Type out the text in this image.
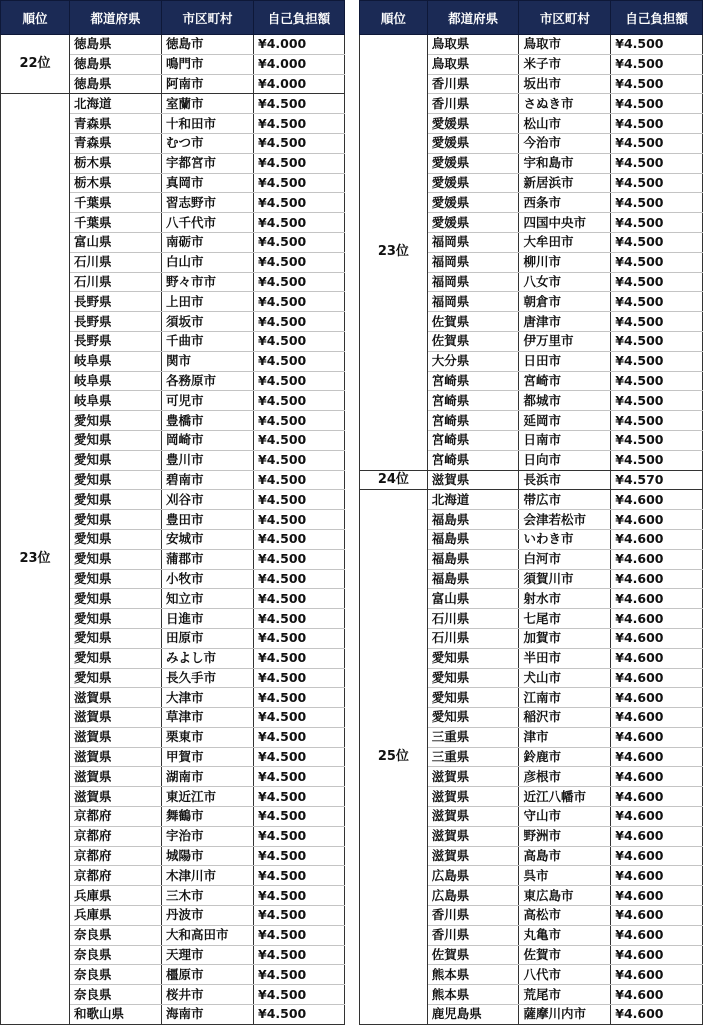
順位	都道府県	市区町村	自己負担額
22位	徳島県	徳島市	¥4.000
	徳島県	鳴門市	¥4.000
	徳島県	阿南市	¥4.000
23位	北海道	室蘭市	¥4.500
	青森県	十和田市	¥4.500
	青森県	むつ市	¥4.500
	栃木県	宇都宮市	¥4.500
	栃木県	真岡市	¥4.500
	千葉県	習志野市	¥4.500
	千葉県	八千代市	¥4.500
	富山県	南砺市	¥4.500
	石川県	白山市	¥4.500
	石川県	野々市市	¥4.500
	長野県	上田市	¥4.500
	長野県	須坂市	¥4.500
	長野県	千曲市	¥4.500
	岐阜県	関市	¥4.500
	岐阜県	各務原市	¥4.500
	岐阜県	可児市	¥4.500
	愛知県	豊橋市	¥4.500
	愛知県	岡崎市	¥4.500
	愛知県	豊川市	¥4.500
	愛知県	碧南市	¥4.500
	愛知県	刈谷市	¥4.500
	愛知県	豊田市	¥4.500
	愛知県	安城市	¥4.500
	愛知県	蒲郡市	¥4.500
	愛知県	小牧市	¥4.500
	愛知県	知立市	¥4.500
	愛知県	日進市	¥4.500
	愛知県	田原市	¥4.500
	愛知県	みよし市	¥4.500
	愛知県	長久手市	¥4.500
	滋賀県	大津市	¥4.500
	滋賀県	草津市	¥4.500
	滋賀県	栗東市	¥4.500
	滋賀県	甲賀市	¥4.500
	滋賀県	湖南市	¥4.500
	滋賀県	東近江市	¥4.500
	京都府	舞鶴市	¥4.500
	京都府	宇治市	¥4.500
	京都府	城陽市	¥4.500
	京都府	木津川市	¥4.500
	兵庫県	三木市	¥4.500
	兵庫県	丹波市	¥4.500
	奈良県	大和高田市	¥4.500
	奈良県	天理市	¥4.500
	奈良県	橿原市	¥4.500
	奈良県	桜井市	¥4.500
	和歌山県	海南市	¥4.500
順位	都道府県	市区町村	自己負担額
23位	鳥取県	鳥取市	¥4.500
	鳥取県	米子市	¥4.500
	香川県	坂出市	¥4.500
	香川県	さぬき市	¥4.500
	愛媛県	松山市	¥4.500
	愛媛県	今治市	¥4.500
	愛媛県	宇和島市	¥4.500
	愛媛県	新居浜市	¥4.500
	愛媛県	西条市	¥4.500
	愛媛県	四国中央市	¥4.500
	福岡県	大牟田市	¥4.500
	福岡県	柳川市	¥4.500
	福岡県	八女市	¥4.500
	福岡県	朝倉市	¥4.500
	佐賀県	唐津市	¥4.500
	佐賀県	伊万里市	¥4.500
	大分県	日田市	¥4.500
	宮崎県	宮崎市	¥4.500
	宮崎県	都城市	¥4.500
	宮崎県	延岡市	¥4.500
	宮崎県	日南市	¥4.500
	宮崎県	日向市	¥4.500
24位	滋賀県	長浜市	¥4.570
25位	北海道	帯広市	¥4.600
	福島県	会津若松市	¥4.600
	福島県	いわき市	¥4.600
	福島県	白河市	¥4.600
	福島県	須賀川市	¥4.600
	富山県	射水市	¥4.600
	石川県	七尾市	¥4.600
	石川県	加賀市	¥4.600
	愛知県	半田市	¥4.600
	愛知県	犬山市	¥4.600
	愛知県	江南市	¥4.600
	愛知県	稲沢市	¥4.600
	三重県	津市	¥4.600
	三重県	鈴鹿市	¥4.600
	滋賀県	彦根市	¥4.600
	滋賀県	近江八幡市	¥4.600
	滋賀県	守山市	¥4.600
	滋賀県	野洲市	¥4.600
	滋賀県	高島市	¥4.600
	広島県	呉市	¥4.600
	広島県	東広島市	¥4.600
	香川県	高松市	¥4.600
	香川県	丸亀市	¥4.600
	佐賀県	佐賀市	¥4.600
	熊本県	八代市	¥4.600
	熊本県	荒尾市	¥4.600
	鹿児島県	薩摩川内市	¥4.600
